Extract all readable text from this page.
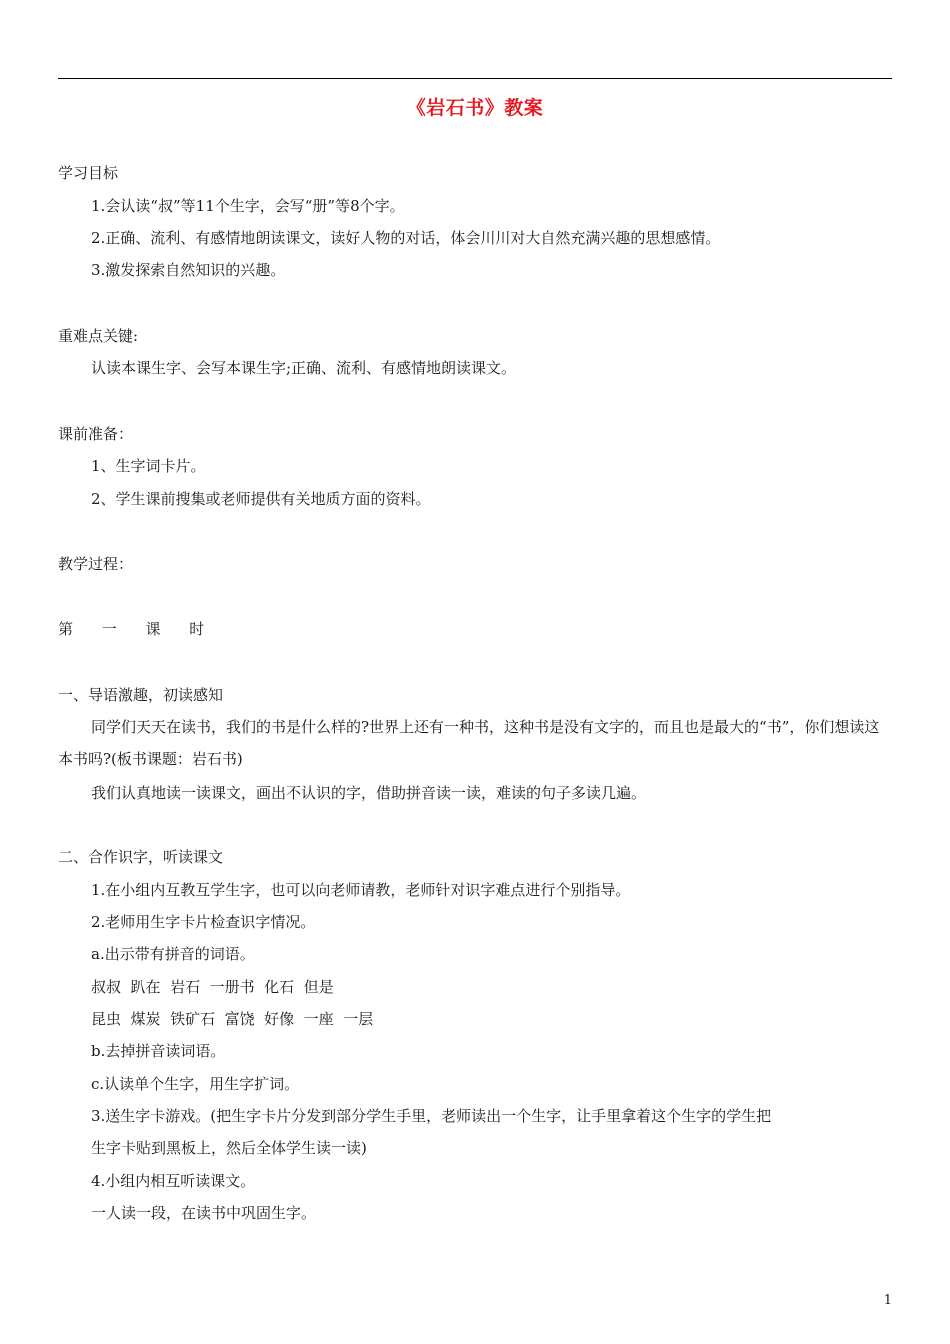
《岩石书》教案
学习目标
1.会认读“叔”等11个生字，会写“册”等8个字。
2.正确、流利、有感情地朗读课文，读好人物的对话，体会川川对大自然充满兴趣的思想感情。
3.激发探索自然知识的兴趣。
重难点关键:
认读本课生字、会写本课生字;正确、流利、有感情地朗读课文。
课前准备：
1、生字词卡片。
2、学生课前搜集或老师提供有关地质方面的资料。
教学过程：
第 一 课 时
一、导语激趣，初读感知
同学们天天在读书，我们的书是什么样的?世界上还有一种书，这种书是没有文字的，而且也是最大的“书”，你们想读这本书吗?(板书课题：岩石书)
我们认真地读一读课文，画出不认识的字，借助拼音读一读，难读的句子多读几遍。
二、合作识字，听读课文
1.在小组内互教互学生字，也可以向老师请教，老师针对识字难点进行个别指导。
2.老师用生字卡片检查识字情况。
a.出示带有拼音的词语。
叔叔  趴在  岩石  一册书  化石  但是
昆虫  煤炭  铁矿石  富饶  好像  一座  一层
b.去掉拼音读词语。
c.认读单个生字，用生字扩词。
3.送生字卡游戏。(把生字卡片分发到部分学生手里，老师读出一个生字，让手里拿着这个生字的学生把
生字卡贴到黑板上，然后全体学生读一读)
4.小组内相互听读课文。
一人读一段，在读书中巩固生字。
1
